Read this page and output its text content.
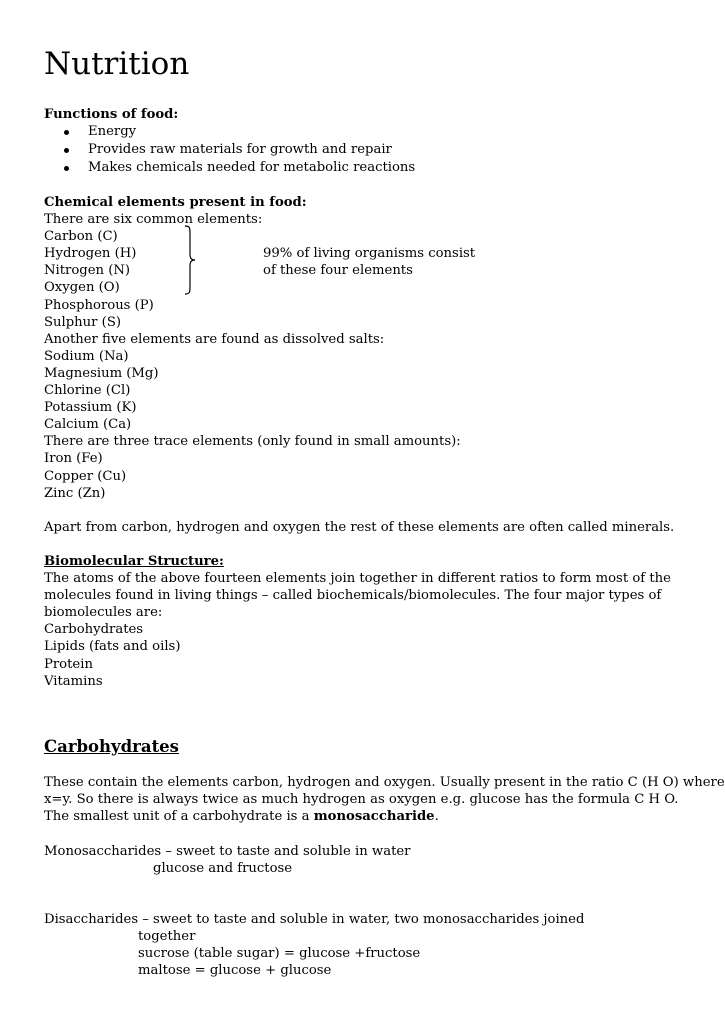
Nutrition
Functions of food:
Energy
Provides raw materials for growth and repair
Makes chemicals needed for metabolic reactions
Chemical elements present in food:
There are six common elements:
Carbon (C)
Hydrogen (H)
Nitrogen (N)
Oxygen (O)
Phosphorous (P)
Sulphur (S)
Another five elements are found as dissolved salts:
Sodium (Na)
Magnesium (Mg)
Chlorine (Cl)
Potassium (K)
Calcium (Ca)
There are three trace elements (only found in small amounts):
Iron (Fe)
Copper (Cu)
Zinc (Zn)
99% of living organisms consist
of these four elements
Apart from carbon, hydrogen and oxygen the rest of these elements are often called minerals.
Biomolecular Structure:
The atoms of the above fourteen elements join together in different ratios to form most of the
molecules found in living things – called biochemicals/biomolecules. The four major types of
biomolecules are:
Carbohydrates
Lipids (fats and oils)
Protein
Vitamins
Carbohydrates
These contain the elements carbon, hydrogen and oxygen. Usually present in the ratio C (H O) where
x=y. So there is always twice as much hydrogen as oxygen e.g. glucose has the formula C H O.
The smallest unit of a carbohydrate is a monosaccharide.
Monosaccharides – sweet to taste and soluble in water
glucose and fructose
Disaccharides – sweet to taste and soluble in water, two monosaccharides joined
together
sucrose (table sugar) = glucose +fructose
maltose = glucose + glucose
